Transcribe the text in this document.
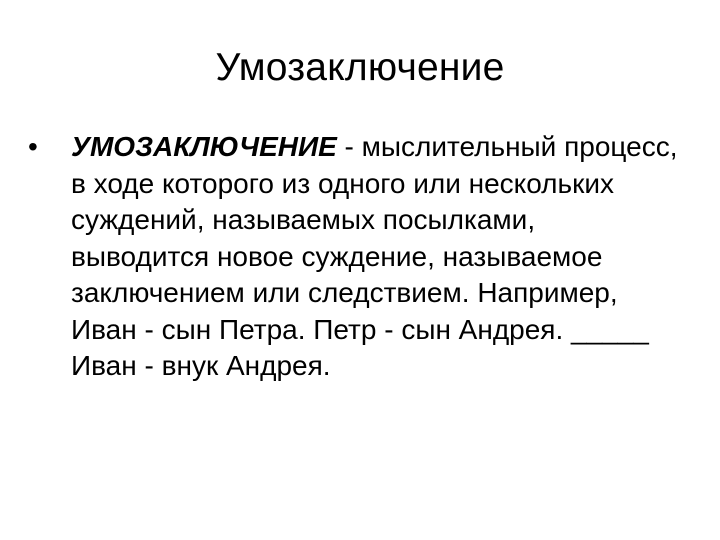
Умозаключение
•	УМОЗАКЛЮЧЕНИЕ - мыслительный процесс, в ходе которого из одного или нескольких суждений, называемых посылками, выводится новое суждение, называемое заключением или следствием. Например, Иван - сын Петра. Петр - сын Андрея. _____ Иван - внук Андрея.
